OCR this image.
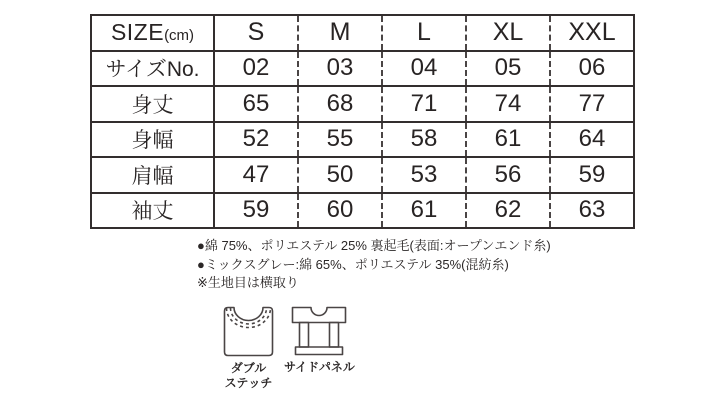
SIZE(cm)	S	M	L	XL	XXL
サイズNo.	02	03	04	05	06
身丈	65	68	71	74	77
身幅	52	55	58	61	64
肩幅	47	50	53	56	59
袖丈	59	60	61	62	63
●綿 75%、ポリエステル 25% 裏起毛(表面:オープンエンド糸)
●ミックスグレー:綿 65%、ポリエステル 35%(混紡糸)
※生地目は横取り
ダブル
ステッチ
サイドパネル
